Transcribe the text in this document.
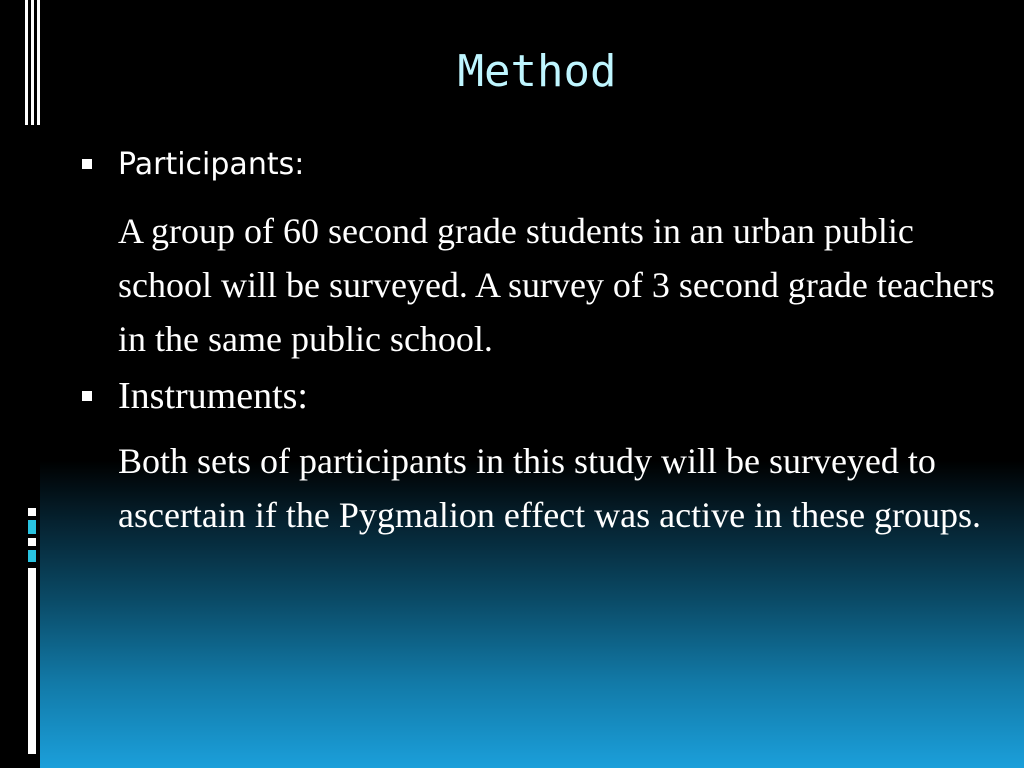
Method
Participants:

A group of 60 second grade students in an urban public school will be surveyed. A survey of 3 second grade teachers in the same public school.

Instruments:

Both sets of participants in this study will be surveyed to ascertain if the Pygmalion effect was active in these groups.
